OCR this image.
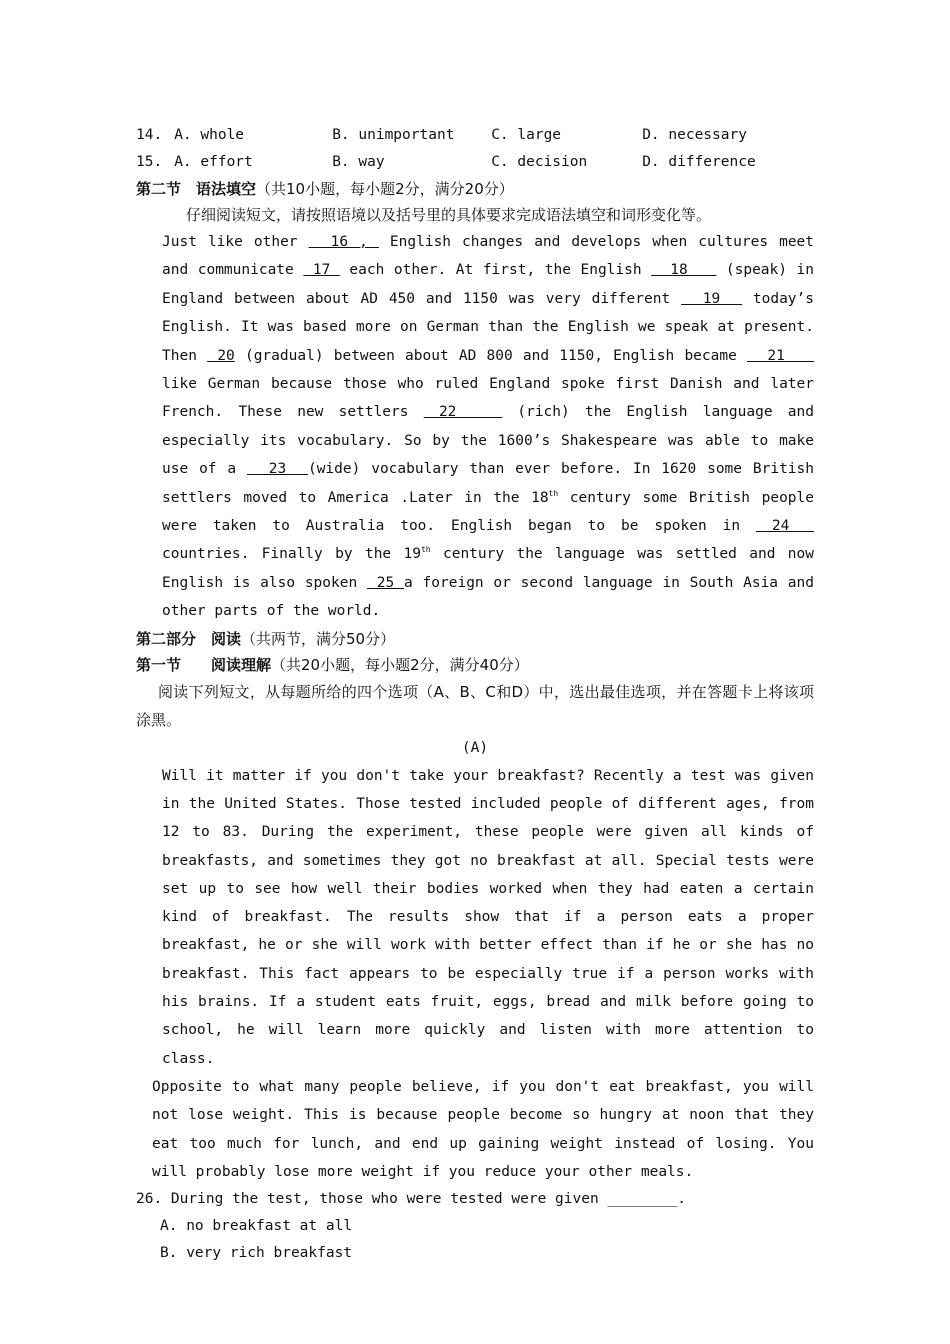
14. A. whole	B. unimportant	C. large	D. necessary
15. A. effort	B. way	C. decision	D. difference
第二节　语法填空（共10小题，每小题2分，满分20分）
仔细阅读短文，请按照语境以及括号里的具体要求完成语法填空和词形变化等。

Just like other   16 ,  English changes and develops when cultures meet and communicate  17  each other. At first, the English   18    (speak) in England between about AD 450 and 1150 was very different   19   today’s English. It was based more on German than the English we speak at present. Then  20 (gradual) between about AD 800 and 1150, English became   21    like German because those who ruled England spoke first Danish and later French. These new settlers  22    (rich) the English language and especially its vocabulary. So by the 1600’s Shakespeare was able to make use of a   23  (wide) vocabulary than ever before. In 1620 some British settlers moved to America .Later in the 18th century some British people were taken to Australia too. English began to be spoken in  24   countries. Finally by the 19th century the language was settled and now English is also spoken  25 a foreign or second language in South Asia and other parts of the world.

第二部分　阅读（共两节，满分50分）
第一节　　阅读理解（共20小题，每小题2分，满分40分）

阅读下列短文，从每题所给的四个选项（A、B、C和D）中，选出最佳选项，并在答题卡上将该项涂黑。

(A)

Will it matter if you don't take your breakfast? Recently a test was given in the United States. Those tested included people of different ages, from 12 to 83. During the experiment, these people were given all kinds of breakfasts, and sometimes they got no breakfast at all. Special tests were set up to see how well their bodies worked when they had eaten a certain kind of breakfast. The results show that if a person eats a proper breakfast, he or she will work with better effect than if he or she has no breakfast. This fact appears to be especially true if a person works with his brains. If a student eats fruit, eggs, bread and milk before going to school, he will learn more quickly and listen with more attention to class.

Opposite to what many people believe, if you don't eat breakfast, you will not lose weight. This is because people become so hungry at noon that they eat too much for lunch, and end up gaining weight instead of losing. You will probably lose more weight if you reduce your other meals.

26. During the test, those who were tested were given ________.
A. no breakfast at all
B. very rich breakfast
